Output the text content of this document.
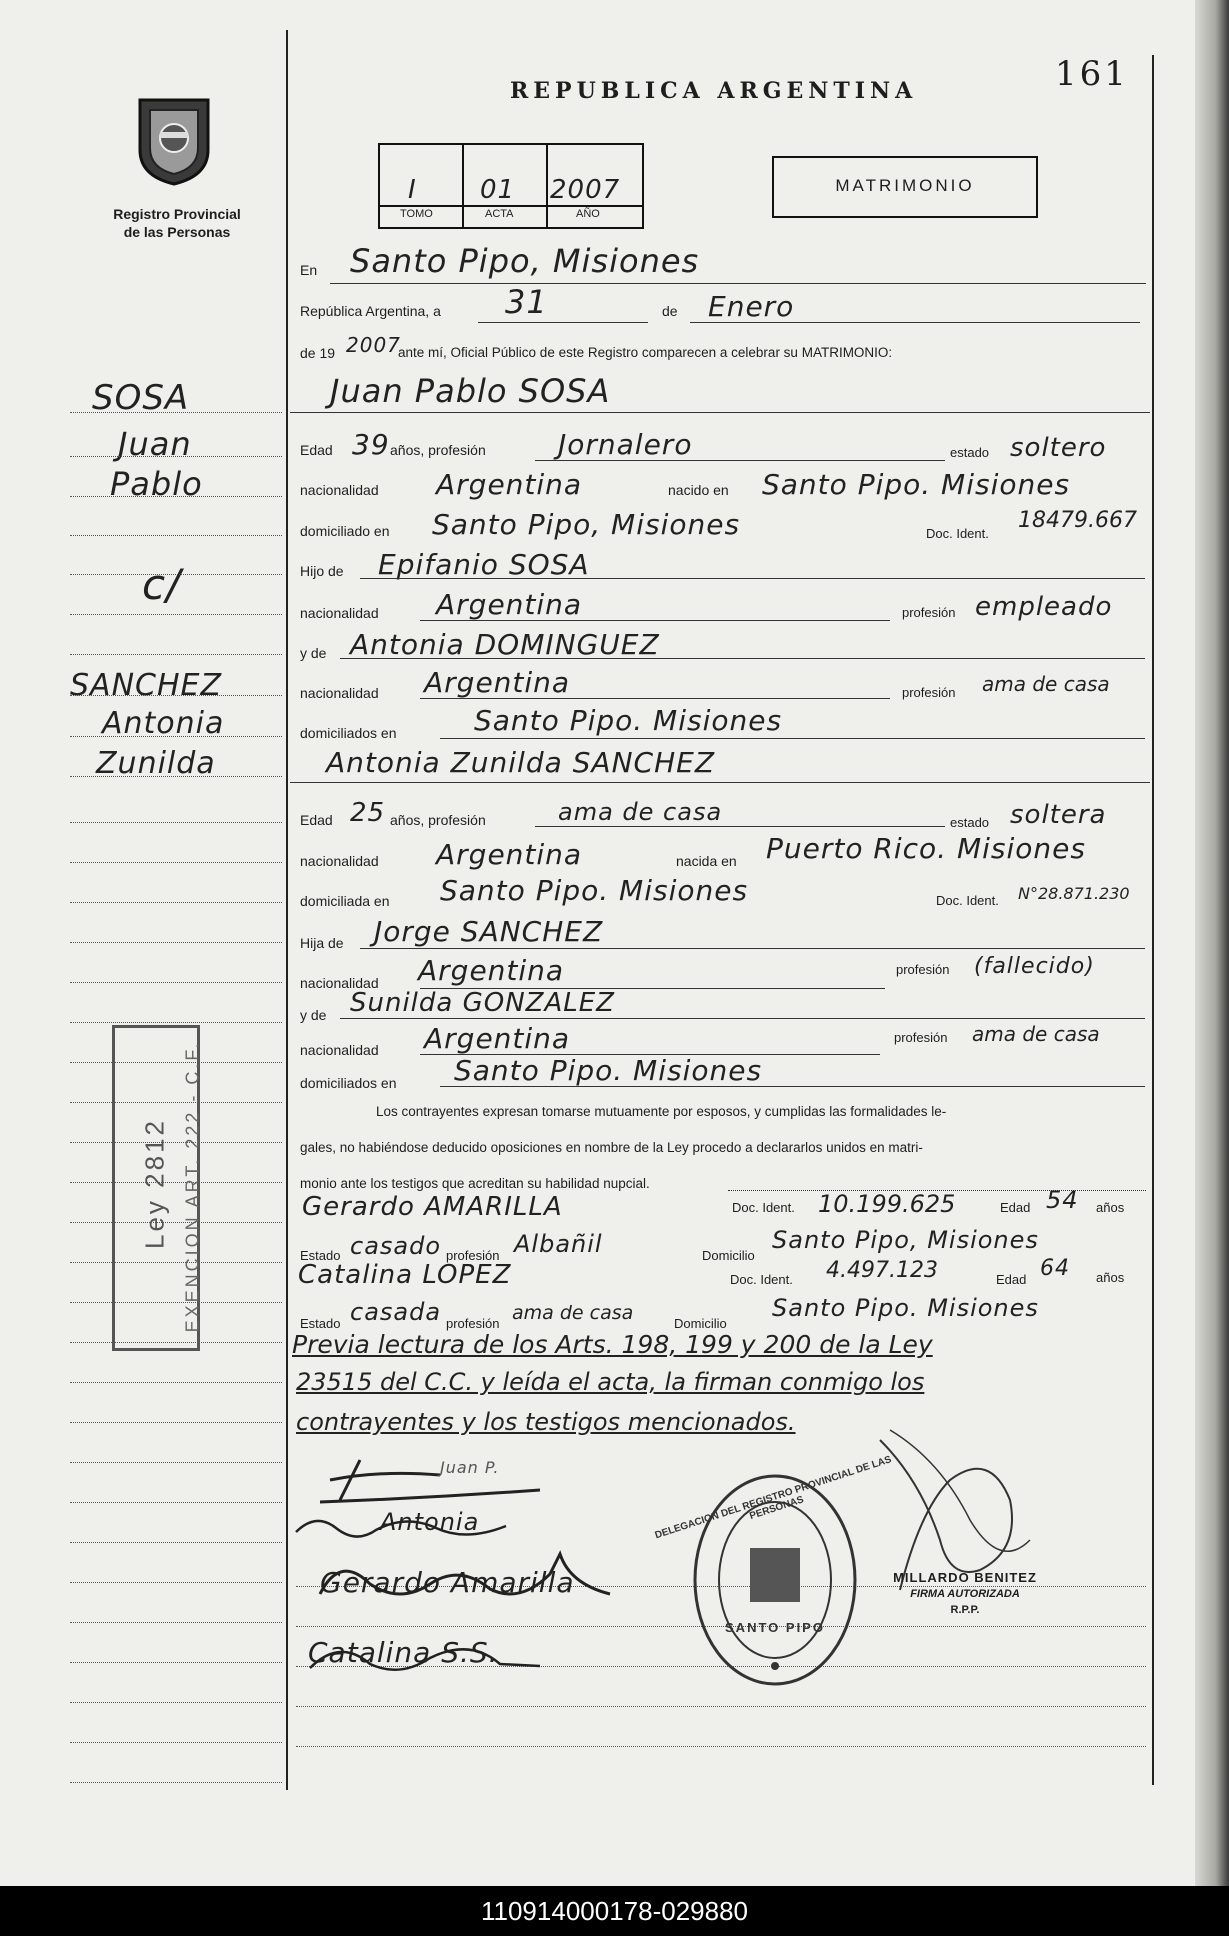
161
Registro Provincial
de las Personas
REPUBLICA ARGENTINA
I 01 2007
TOMO	ACTA	AÑO
MATRIMONIO
SOSA
Juan
Pablo
c/
SANCHEZ
Antonia
Zunilda
Ley 2812 EXENCION ART. 222 - C.F.
En Santo Pipo, Misiones
República Argentina, a 31	de Enero
de 19 2007
ante mí, Oficial Público de este Registro comparecen a celebrar su MATRIMONIO:
Juan Pablo SOSA
Edad 39 años, profesión	Jornalero	estado soltero
nacionalidad Argentina	nacido en Santo Pipo. Misiones
domiciliado en Santo Pipo, Misiones	Doc. Ident.
18479.667
Hijo de Epifanio SOSA
nacionalidad Argentina	profesión empleado
y de Antonia DOMINGUEZ
nacionalidad Argentina	profesión ama de casa
domiciliados en	Santo Pipo. Misiones
Antonia Zunilda SANCHEZ
Edad 25 años, profesión	ama de casa	estado soltera
nacionalidad Argentina	nacida en Puerto Rico. Misiones
domiciliada en Santo Pipo. Misiones	Doc. Ident. N°28.871.230
Hija de Jorge SANCHEZ
nacionalidad Argentina	profesión (fallecido)
y de Sunilda GONZALEZ
nacionalidad Argentina	profesión ama de casa
domiciliados en Santo Pipo. Misiones
Los contrayentes expresan tomarse mutuamente por esposos, y cumplidas las formalidades le-
gales, no habiéndose deducido oposiciones en nombre de la Ley procedo a declararlos unidos en matri-
monio ante los testigos que acreditan su habilidad nupcial.
Gerardo AMARILLA	Doc. Ident. 10.199.625	Edad 54 años
Estado casado profesión Albañil	Domicilio
Santo Pipo, Misiones
Catalina LOPEZ	Doc. Ident. 4.497.123	Edad 64 años
Estado casada profesión ama de casa	Domicilio
Santo Pipo. Misiones
Previa lectura de los Arts. 198, 199 y 200 de la Ley
23515 del C.C. y leída el acta, la firman conmigo los
contrayentes y los testigos mencionados.
Juan P.
Antonia
Gerardo Amarilla
Catalina S.S.
DELEGACION DEL REGISTRO PROVINCIAL DE LAS PERSONAS
SANTO PIPO
MILLARDO BENITEZ
FIRMA AUTORIZADA
R.P.P.
110914000178-029880
